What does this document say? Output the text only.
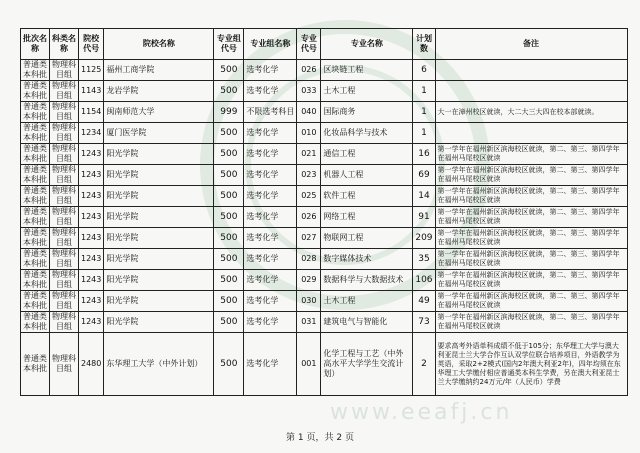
www.eeafj.cn
批次名称	科类名称	院校代号	院校名称	专业组代号	专业组名称	专业代号	专业名称	计划数	备注
普通类本科批	物理科目组	1125	福州工商学院	500	选考化学	026	区块链工程	6	
普通类本科批	物理科目组	1143	龙岩学院	500	选考化学	033	土木工程	1	
普通类本科批	物理科目组	1154	闽南师范大学	999	不限选考科目	040	国际商务	1	大一在漳州校区就读，大二大三大四在校本部就读。
普通类本科批	物理科目组	1234	厦门医学院	500	选考化学	010	化妆品科学与技术	1	
普通类本科批	物理科目组	1243	阳光学院	500	选考化学	021	通信工程	16	第一学年在福州新区滨海校区就读，第二、第三、第四学年在福州马尾校区就读
普通类本科批	物理科目组	1243	阳光学院	500	选考化学	023	机器人工程	69	第一学年在福州新区滨海校区就读，第二、第三、第四学年在福州马尾校区就读
普通类本科批	物理科目组	1243	阳光学院	500	选考化学	025	软件工程	14	第一学年在福州新区滨海校区就读，第二、第三、第四学年在福州马尾校区就读
普通类本科批	物理科目组	1243	阳光学院	500	选考化学	026	网络工程	91	第一学年在福州新区滨海校区就读，第二、第三、第四学年在福州马尾校区就读
普通类本科批	物理科目组	1243	阳光学院	500	选考化学	027	物联网工程	209	第一学年在福州新区滨海校区就读，第二、第三、第四学年在福州马尾校区就读
普通类本科批	物理科目组	1243	阳光学院	500	选考化学	028	数字媒体技术	35	第一学年在福州新区滨海校区就读，第二、第三、第四学年在福州马尾校区就读
普通类本科批	物理科目组	1243	阳光学院	500	选考化学	029	数据科学与大数据技术	106	第一学年在福州新区滨海校区就读，第二、第三、第四学年在福州马尾校区就读
普通类本科批	物理科目组	1243	阳光学院	500	选考化学	030	土木工程	49	第一学年在福州新区滨海校区就读，第二、第三、第四学年在福州马尾校区就读
普通类本科批	物理科目组	1243	阳光学院	500	选考化学	031	建筑电气与智能化	73	第一学年在福州新区滨海校区就读，第二、第三、第四学年在福州马尾校区就读
普通类本科批	物理科目组	2480	东华理工大学（中外计划）	500	选考化学	001	化学工程与工艺（中外高水平大学学生交流计划）	2	要求高考外语单科成绩不低于105分；东华理工大学与澳大利亚昆士兰大学合作互认双学位联合培养项目，外语教学为英语，采取2+2模式(国内2年澳大利亚2年)，四年均须在东华理工大学缴付相应普通类本科生学费，另在澳大利亚昆士兰大学缴纳约24万元/年（人民币）学费
第 1 页，共 2 页
